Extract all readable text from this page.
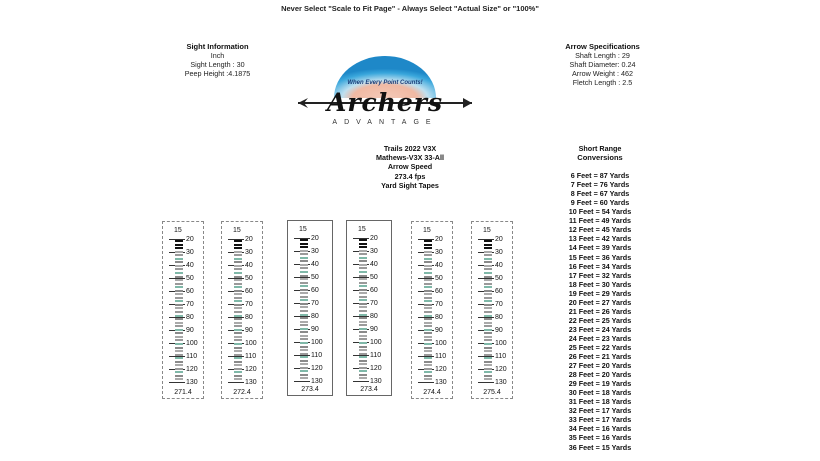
Never Select "Scale to Fit Page" - Always Select "Actual Size" or "100%"
Sight Information
Inch
Sight Length : 30
Peep Height :4.1875
Arrow Specifications
Shaft Length : 29
Shaft Diameter: 0.24
Arrow Weight : 462
Fletch Length : 2.5
When Every Point Counts!
Archers
ADVANTAGE
Trails 2022 V3X
Mathews-V3X 33-All
Arrow Speed
273.4 fps
Yard Sight Tapes
Short Range
Conversions
6 Feet = 87 Yards
7 Feet = 76 Yards
8 Feet = 67 Yards
9 Feet = 60 Yards
10 Feet = 54 Yards
11 Feet = 49 Yards
12 Feet = 45 Yards
13 Feet = 42 Yards
14 Feet = 39 Yards
15 Feet = 36 Yards
16 Feet = 34 Yards
17 Feet = 32 Yards
18 Feet = 30 Yards
19 Feet = 29 Yards
20 Feet = 27 Yards
21 Feet = 26 Yards
22 Feet = 25 Yards
23 Feet = 24 Yards
24 Feet = 23 Yards
25 Feet = 22 Yards
26 Feet = 21 Yards
27 Feet = 20 Yards
28 Feet = 20 Yards
29 Feet = 19 Yards
30 Feet = 18 Yards
31 Feet = 18 Yards
32 Feet = 17 Yards
33 Feet = 17 Yards
34 Feet = 16 Yards
35 Feet = 16 Yards
36 Feet = 15 Yards
15
20
30
40
50
60
70
80
90
100
110
120
130
271.4
15
20
30
40
50
60
70
80
90
100
110
120
130
272.4
15
20
30
40
50
60
70
80
90
100
110
120
130
273.4
15
20
30
40
50
60
70
80
90
100
110
120
130
273.4
15
20
30
40
50
60
70
80
90
100
110
120
130
274.4
15
20
30
40
50
60
70
80
90
100
110
120
130
275.4
